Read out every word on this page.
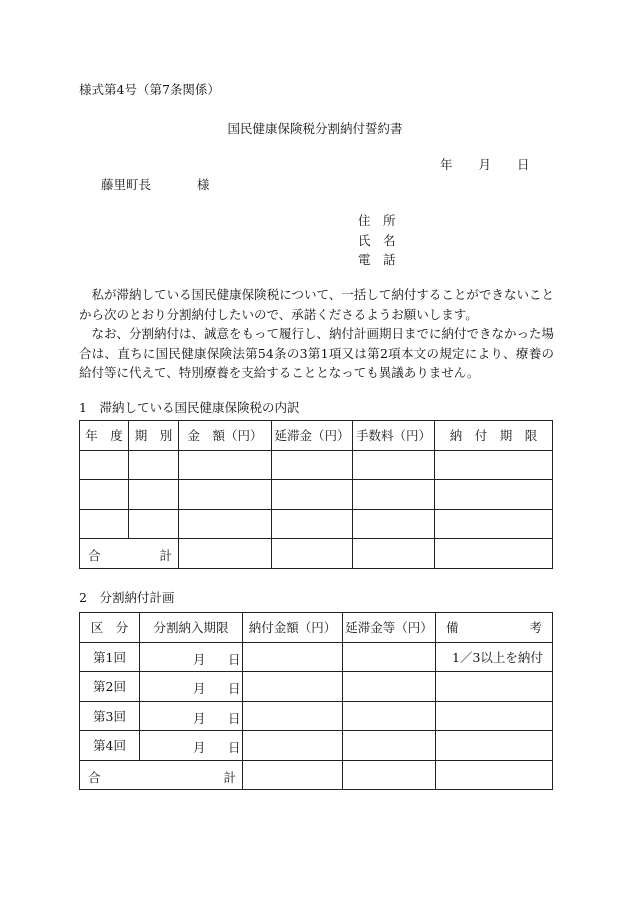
様式第4号（第7条関係）
国民健康保険税分割納付誓約書
年 月 日
藤里町長	様
住　所
氏　名
電　話

私が滞納している国民健康保険税について、一括して納付することができないことから次のとおり分割納付したいので、承諾くださるようお願いします。

なお、分割納付は、誠意をもって履行し、納付計画期日までに納付できなかった場合は、直ちに国民健康保険法第54条の3第1項又は第2項本文の規定により、療養の給付等に代えて、特別療養を支給することとなっても異議ありません。

1　滞納している国民健康保険税の内訳
年　度	期　別	金　額（円）	延滞金（円）	手数料（円）	納　付　期　限

合 計					

2　分割納付計画
区　分	分割納入期限	納付金額（円）	延滞金等（円）	備 考

第1回	月 日			1／3以上を納付
第2回	月 日			

第3回	月 日			

第4回	月 日			

合 計				
